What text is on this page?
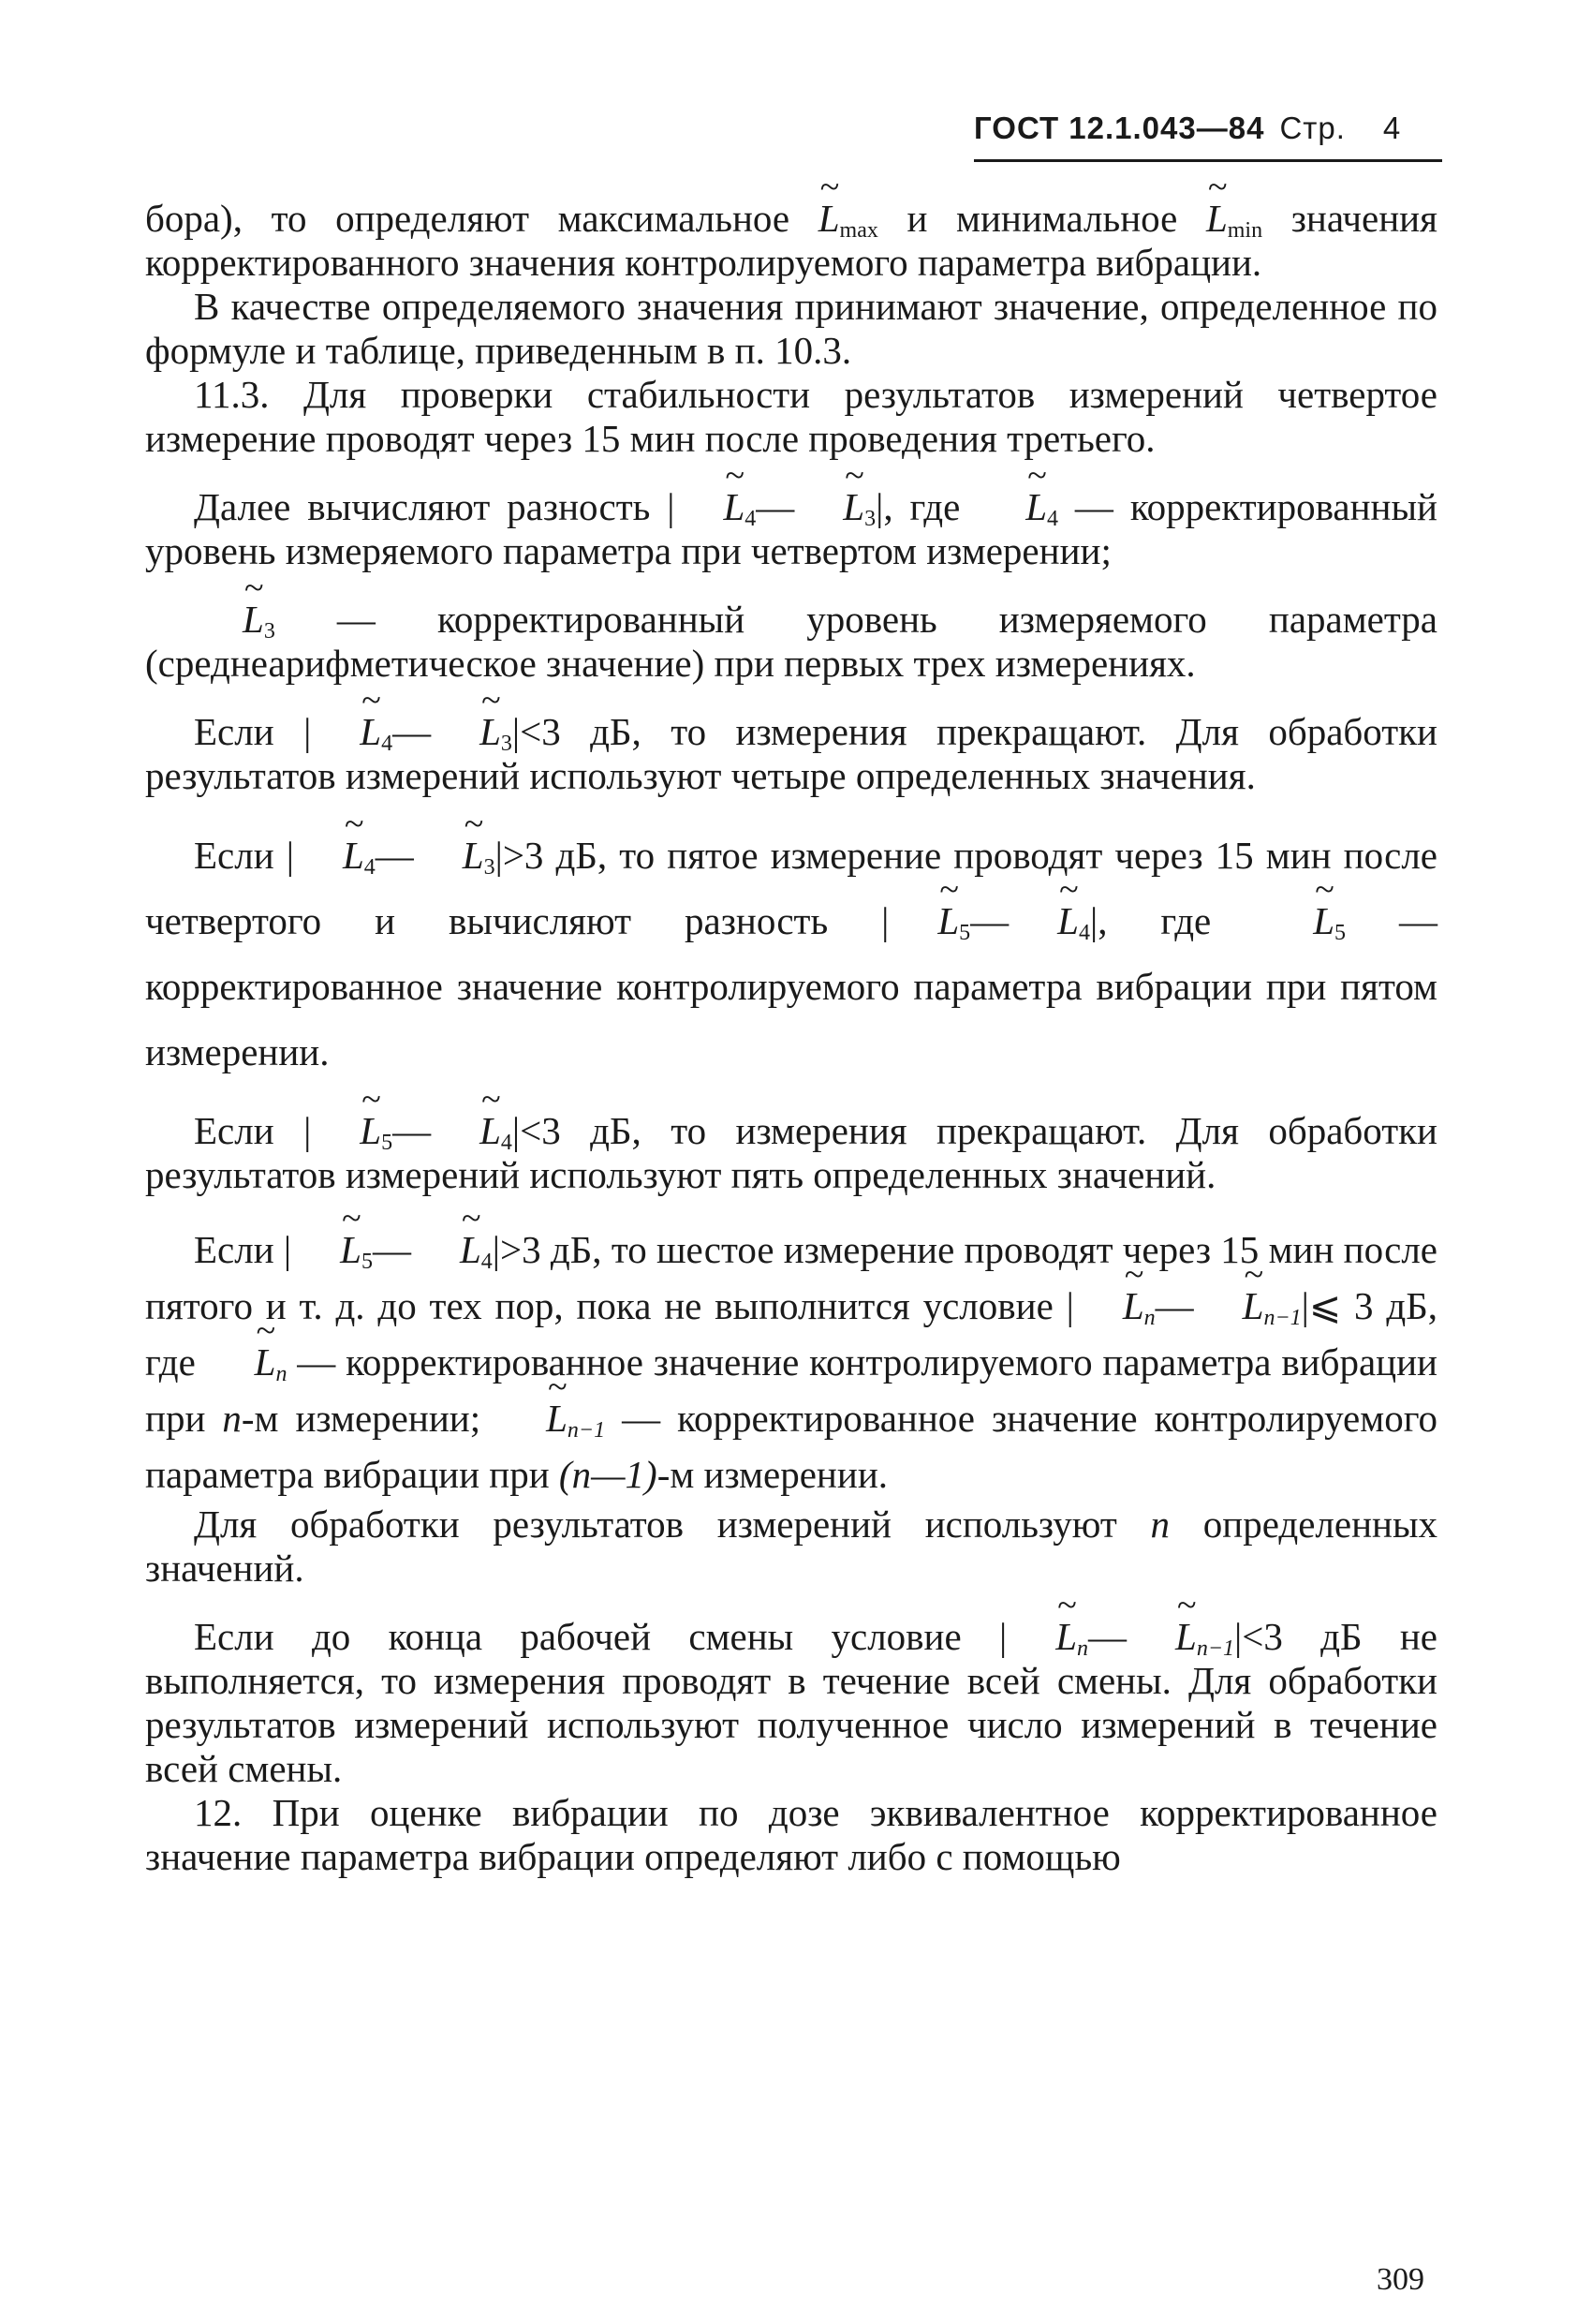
ГОСТ 12.1.043—84 Стр. 4

бора), то определяют максимальное ~ $L_{max}$ и минимальное ~ $L_{min}$ значения корректированного значения контролируемого параметра вибрации.

В качестве определяемого значения принимают значение, определенное по формуле и таблице, приведенным в п. 10.3.

11.3. Для проверки стабильности результатов измерений четвертое измерение проводят через 15 мин после проведения третьего.

Далее вычисляют разность |~ $L_4—\sim$ $L_3|$, где ~ $L_4$ — корректированный уровень измеряемого параметра при четвертом измерении;

~ $L_3$ — корректированный уровень измеряемого параметра (среднеарифметическое значение) при первых трех измерениях.

Если |~ $L_4—\sim$ $L_3|<3$ дБ, то измерения прекращают. Для обработки результатов измерений используют четыре определенных значения.

Если |~ $L_4—\sim$ $L_3|>3$ дБ, то пятое измерение проводят через 15 мин после четвертого и вычисляют разность |~ $L_5—\sim$ $L_4|$, где ~ $L_5$ — корректированное значение контролируемого параметра вибрации при пятом измерении.

Если |~ $L_5—\sim$ $L_4|<3$ дБ, то измерения прекращают. Для обработки результатов измерений используют пять определенных значений.

Если |~ $L_5—\sim$ $L_4|>3$ дБ, то шестое измерение проводят через 15 мин после пятого и т. д. до тех пор, пока не выполнится условие |~ $L_n—\sim$ $L_{n-1}|⩽$ 3 дБ, где ~ $L_n$ — корректированное значение контролируемого параметра вибрации при n-м измерении; ~ $L_{n-1}$ — корректированное значение контролируемого параметра вибрации при (n—1)-м измерении.

Для обработки результатов измерений используют n определенных значений.

Если до конца рабочей смены условие |~ $L_n—\sim$ $L_{n-1}|<3$ дБ не выполняется, то измерения проводят в течение всей смены. Для обработки результатов измерений используют полученное число измерений в течение всей смены.

12. При оценке вибрации по дозе эквивалентное корректированное значение параметра вибрации определяют либо с помощью

309
